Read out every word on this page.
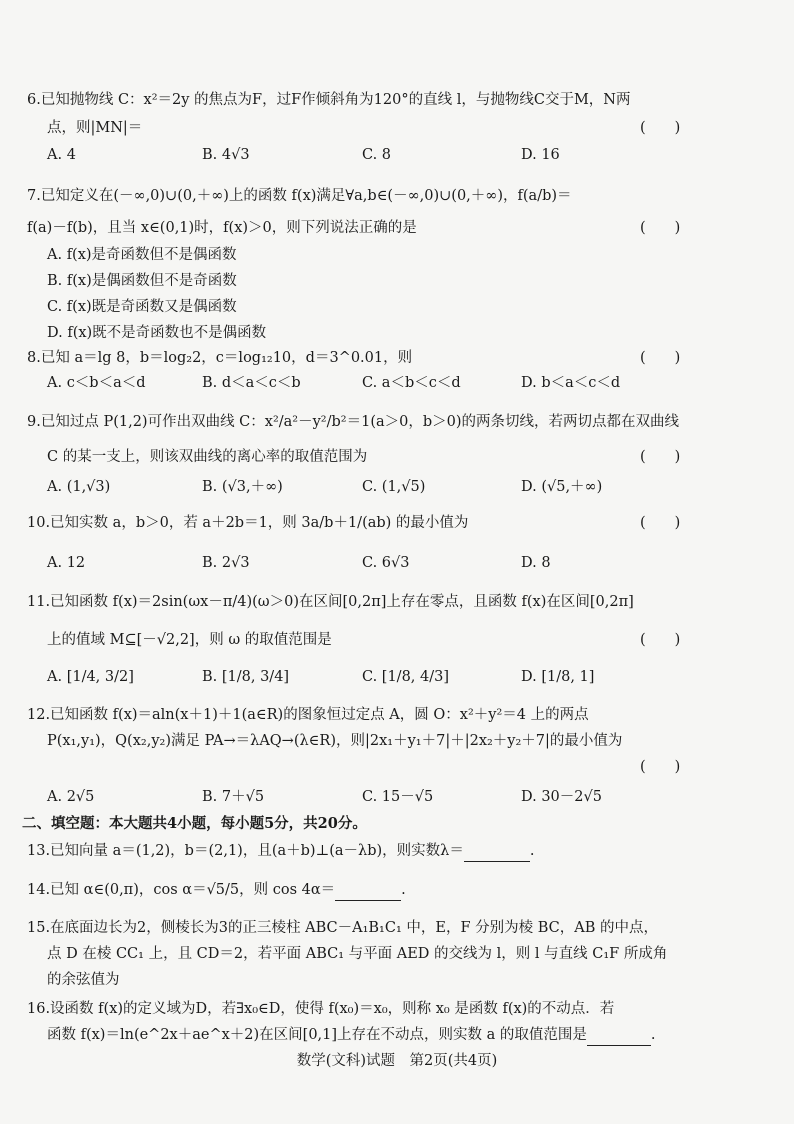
6.已知抛物线 C：x²＝2y 的焦点为F，过F作倾斜角为120°的直线 l，与抛物线C交于M，N两
点，则|MN|＝	(　　)
A. 4	B. 4√3	C. 8	D. 16
7.已知定义在(－∞,0)∪(0,＋∞)上的函数 f(x)满足∀a,b∈(－∞,0)∪(0,＋∞)，f(a/b)＝
f(a)－f(b)，且当 x∈(0,1)时，f(x)＞0，则下列说法正确的是	(　　)
A. f(x)是奇函数但不是偶函数
B. f(x)是偶函数但不是奇函数
C. f(x)既是奇函数又是偶函数
D. f(x)既不是奇函数也不是偶函数
8.已知 a＝lg 8，b＝log₂2，c＝log₁₂10，d＝3^0.01，则	(　　)
A. c＜b＜a＜d	B. d＜a＜c＜b	C. a＜b＜c＜d	D. b＜a＜c＜d
9.已知过点 P(1,2)可作出双曲线 C：x²/a²－y²/b²＝1(a＞0，b＞0)的两条切线，若两切点都在双曲线
C 的某一支上，则该双曲线的离心率的取值范围为	(　　)
A. (1,√3)	B. (√3,＋∞)	C. (1,√5)	D. (√5,＋∞)
10.已知实数 a，b＞0，若 a＋2b＝1，则 3a/b＋1/(ab) 的最小值为	(　　)
A. 12	B. 2√3	C. 6√3	D. 8
11.已知函数 f(x)＝2sin(ωx－π/4)(ω＞0)在区间[0,2π]上存在零点，且函数 f(x)在区间[0,2π]
上的值域 M⊆[－√2,2]，则 ω 的取值范围是	(　　)
A. [1/4, 3/2]	B. [1/8, 3/4]	C. [1/8, 4/3]	D. [1/8, 1]
12.已知函数 f(x)＝aln(x＋1)＋1(a∈R)的图象恒过定点 A，圆 O：x²＋y²＝4 上的两点
P(x₁,y₁)，Q(x₂,y₂)满足 PA→＝λAQ→(λ∈R)，则|2x₁＋y₁＋7|＋|2x₂＋y₂＋7|的最小值为
(　　)
A. 2√5	B. 7＋√5	C. 15－√5	D. 30－2√5
二、填空题：本大题共4小题，每小题5分，共20分。
13.已知向量 a＝(1,2)，b＝(2,1)，且(a＋b)⊥(a－λb)，则实数λ＝	.
14.已知 α∈(0,π)，cos α＝√5/5，则 cos 4α＝	.
15.在底面边长为2，侧棱长为3的正三棱柱 ABC－A₁B₁C₁ 中，E，F 分别为棱 BC，AB 的中点，
点 D 在棱 CC₁ 上，且 CD＝2，若平面 ABC₁ 与平面 AED 的交线为 l，则 l 与直线 C₁F 所成角
的余弦值为
16.设函数 f(x)的定义域为D，若∃x₀∈D，使得 f(x₀)＝x₀，则称 x₀ 是函数 f(x)的不动点．若
函数 f(x)＝ln(e^2x＋ae^x＋2)在区间[0,1]上存在不动点，则实数 a 的取值范围是	.
数学(文科)试题　第2页(共4页)
